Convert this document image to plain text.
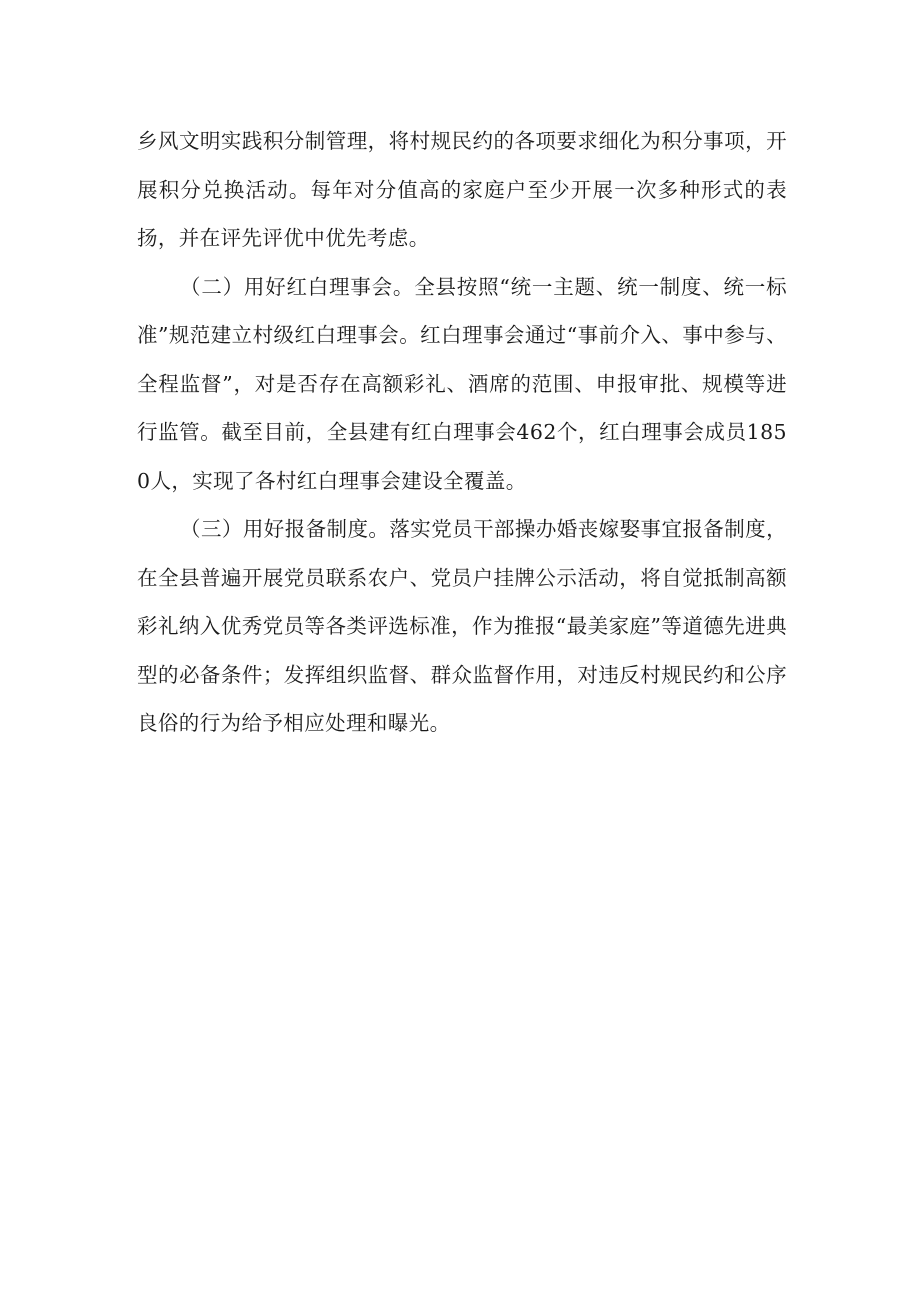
乡风文明实践积分制管理，将村规民约的各项要求细化为积分事项，开展积分兑换活动。每年对分值高的家庭户至少开展一次多种形式的表扬，并在评先评优中优先考虑。

（二）用好红白理事会。全县按照“统一主题、统一制度、统一标准”规范建立村级红白理事会。红白理事会通过“事前介入、事中参与、全程监督”，对是否存在高额彩礼、酒席的范围、申报审批、规模等进行监管。截至目前，全县建有红白理事会462个，红白理事会成员1850人，实现了各村红白理事会建设全覆盖。

（三）用好报备制度。落实党员干部操办婚丧嫁娶事宜报备制度，在全县普遍开展党员联系农户、党员户挂牌公示活动，将自觉抵制高额彩礼纳入优秀党员等各类评选标准，作为推报“最美家庭”等道德先进典型的必备条件；发挥组织监督、群众监督作用，对违反村规民约和公序良俗的行为给予相应处理和曝光。
